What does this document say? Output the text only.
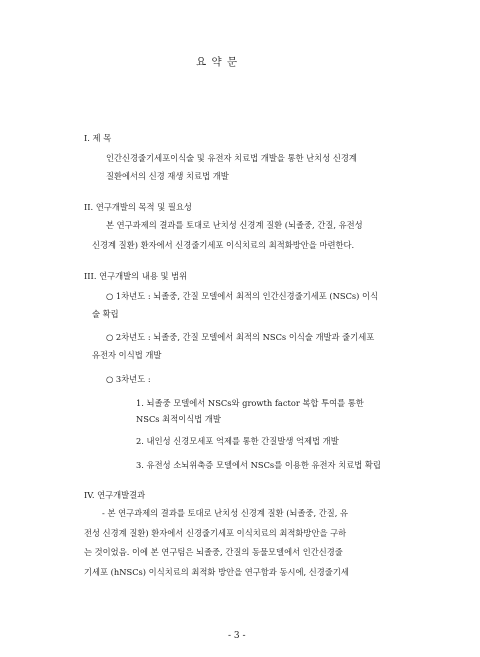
요 약 문
I. 제 목
인간신경줄기세포이식술 및 유전자 치료법 개발을 통한 난치성 신경계
질환에서의 신경 재생 치료법 개발
II. 연구개발의 목적 및 필요성
본 연구과제의 결과를 토대로 난치성 신경계 질환 (뇌졸중, 간질, 유전성
신경계 질환) 환자에서 신경줄기세포 이식치료의 최적화방안을 마련한다.
III. 연구개발의 내용 및 범위
○ 1차년도 : 뇌졸중, 간질 모델에서 최적의 인간신경줄기세포 (NSCs) 이식
술 확립
○ 2차년도 : 뇌졸중, 간질 모델에서 최적의 NSCs 이식술 개발과 줄기세포
유전자 이식법 개발
○ 3차년도 :
1. 뇌졸중 모델에서 NSCs와 growth factor 복합 투여를 통한
NSCs 최적이식법 개발
2. 내인성 신경모세포 억제를 통한 간질발생 억제법 개발
3. 유전성 소뇌위축증 모델에서 NSCs를 이용한 유전자 치료법 확립
IV. 연구개발결과
- 본 연구과제의 결과를 토대로 난치성 신경계 질환 (뇌졸중, 간질, 유
전성 신경계 질환) 환자에서 신경줄기세포 이식치료의 최적화방안을 구하
는 것이었음. 이에 본 연구팀은 뇌졸중, 간질의 동물모델에서 인간신경줄
기세포 (hNSCs) 이식치료의 최적화 방안을 연구함과 동시에, 신경줄기세
- 3 -
